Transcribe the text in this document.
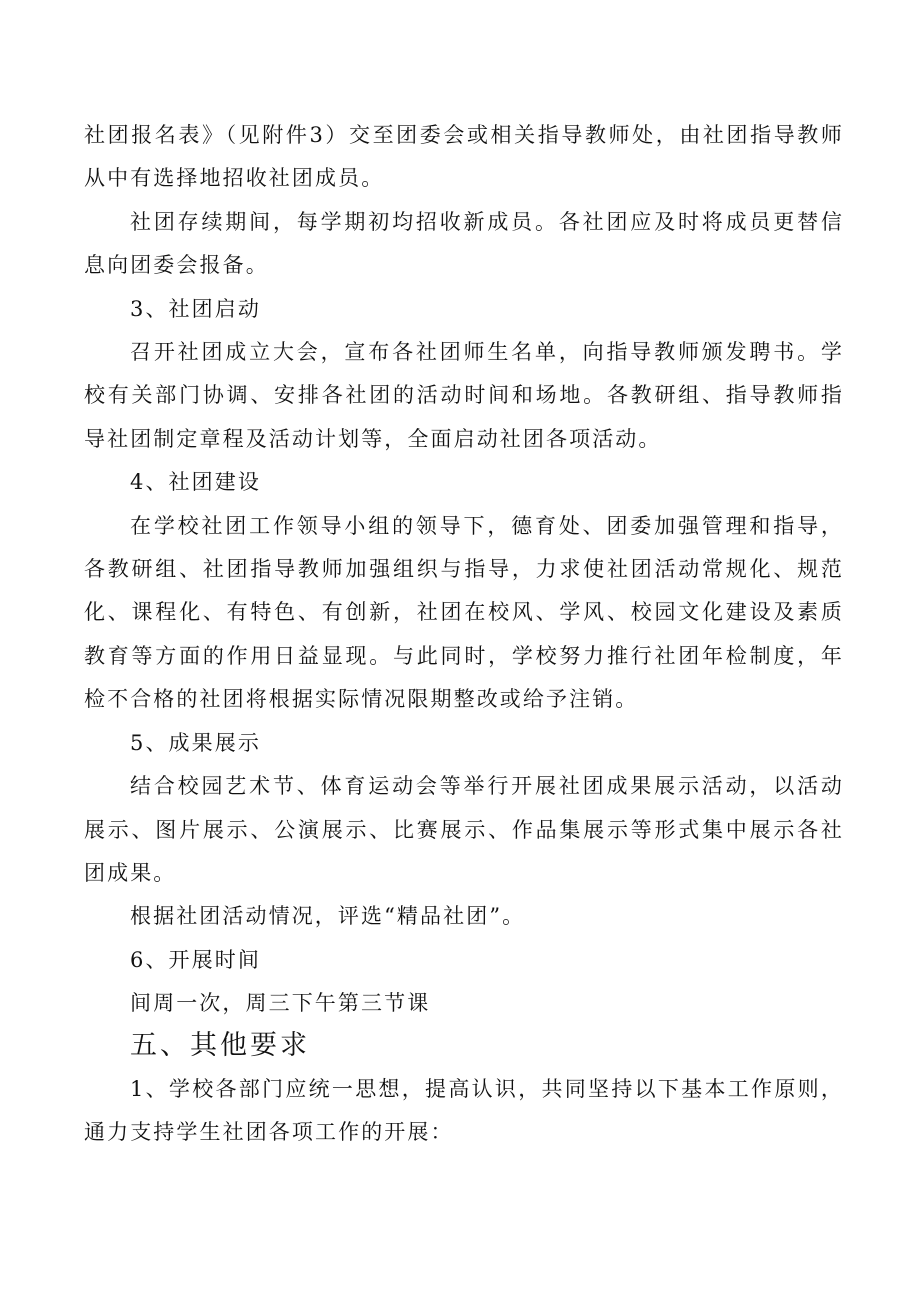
社团报名表》（见附件3）交至团委会或相关指导教师处，由社团指导教师从中有选择地招收社团成员。

社团存续期间，每学期初均招收新成员。各社团应及时将成员更替信息向团委会报备。

3、社团启动

召开社团成立大会，宣布各社团师生名单，向指导教师颁发聘书。学校有关部门协调、安排各社团的活动时间和场地。各教研组、指导教师指导社团制定章程及活动计划等，全面启动社团各项活动。

4、社团建设

在学校社团工作领导小组的领导下，德育处、团委加强管理和指导，各教研组、社团指导教师加强组织与指导，力求使社团活动常规化、规范化、课程化、有特色、有创新，社团在校风、学风、校园文化建设及素质教育等方面的作用日益显现。与此同时，学校努力推行社团年检制度，年检不合格的社团将根据实际情况限期整改或给予注销。

5、成果展示

结合校园艺术节、体育运动会等举行开展社团成果展示活动，以活动展示、图片展示、公演展示、比赛展示、作品集展示等形式集中展示各社团成果。

根据社团活动情况，评选“精品社团”。

6、开展时间

间周一次，周三下午第三节课

五、其他要求

1、学校各部门应统一思想，提高认识，共同坚持以下基本工作原则，通力支持学生社团各项工作的开展：
